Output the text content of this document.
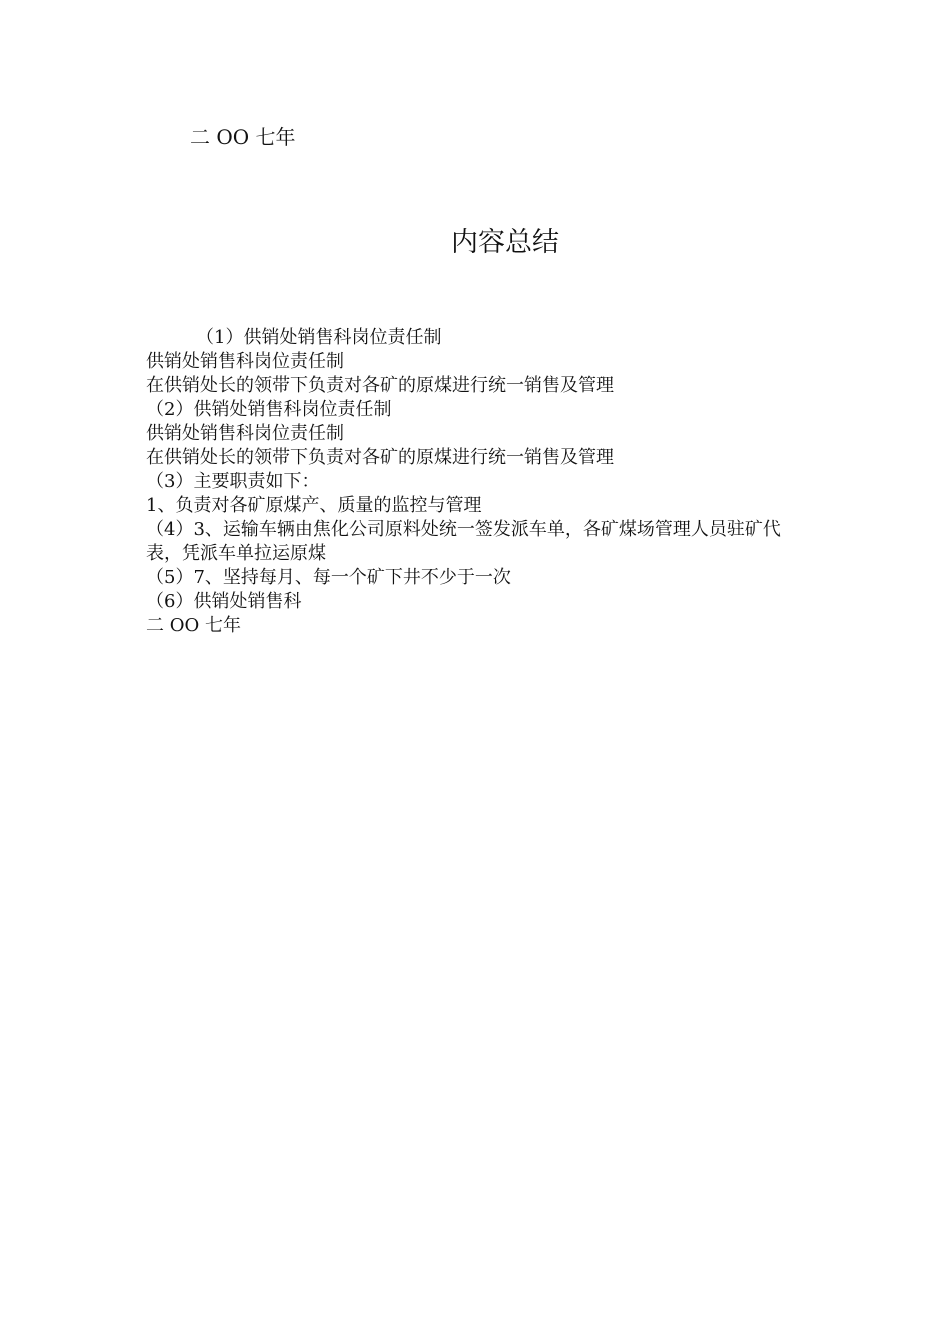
二 OO 七年
内容总结
（1）供销处销售科岗位责任制
供销处销售科岗位责任制
在供销处长的领带下负责对各矿的原煤进行统一销售及管理
（2）供销处销售科岗位责任制
供销处销售科岗位责任制
在供销处长的领带下负责对各矿的原煤进行统一销售及管理
（3）主要职责如下：
1、负责对各矿原煤产、质量的监控与管理
（4）3、运输车辆由焦化公司原料处统一签发派车单，各矿煤场管理人员驻矿代表，凭派车单拉运原煤
（5）7、坚持每月、每一个矿下井不少于一次
（6）供销处销售科
二 OO 七年
